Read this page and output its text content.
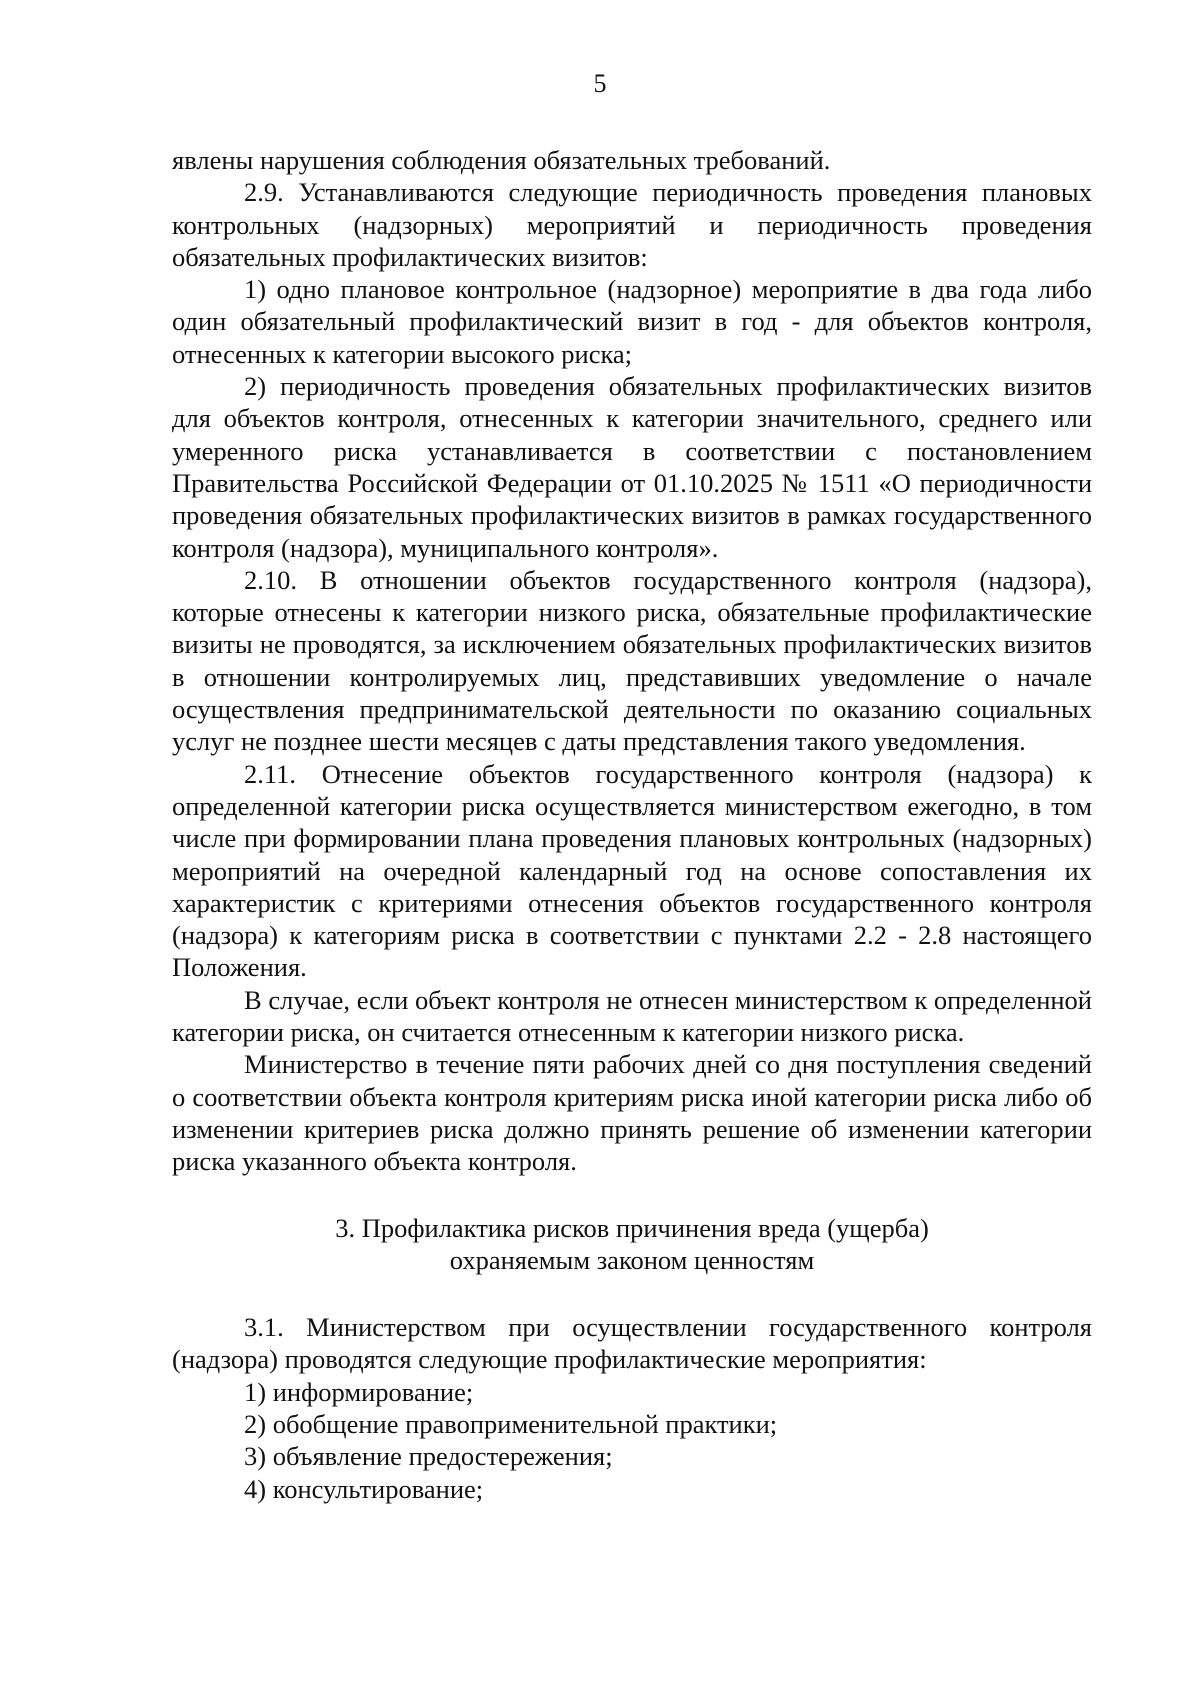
5

явлены нарушения соблюдения обязательных требований.

2.9. Устанавливаются следующие периодичность проведения плановых контрольных (надзорных) мероприятий и периодичность проведения обязательных профилактических визитов:

1) одно плановое контрольное (надзорное) мероприятие в два года либо один обязательный профилактический визит в год - для объектов контроля, отнесенных к категории высокого риска;

2) периодичность проведения обязательных профилактических визитов для объектов контроля, отнесенных к категории значительного, среднего или умеренного риска устанавливается в соответствии с постановлением Правительства Российской Федерации от 01.10.2025 № 1511 «О периодичности проведения обязательных профилактических визитов в рамках государственного контроля (надзора), муниципального контроля».

2.10. В отношении объектов государственного контроля (надзора), которые отнесены к категории низкого риска, обязательные профилактические визиты не проводятся, за исключением обязательных профилактических визитов в отношении контролируемых лиц, представивших уведомление о начале осуществления предпринимательской деятельности по оказанию социальных услуг не позднее шести месяцев с даты представления такого уведомления.

2.11. Отнесение объектов государственного контроля (надзора) к определенной категории риска осуществляется министерством ежегодно, в том числе при формировании плана проведения плановых контрольных (надзорных) мероприятий на очередной календарный год на основе сопоставления их характеристик с критериями отнесения объектов государственного контроля (надзора) к категориям риска в соответствии с пунктами 2.2 - 2.8 настоящего Положения.

В случае, если объект контроля не отнесен министерством к определенной категории риска, он считается отнесенным к категории низкого риска.

Министерство в течение пяти рабочих дней со дня поступления сведений о соответствии объекта контроля критериям риска иной категории риска либо об изменении критериев риска должно принять решение об изменении категории риска указанного объекта контроля.

3. Профилактика рисков причинения вреда (ущерба)
охраняемым законом ценностям

3.1. Министерством при осуществлении государственного контроля (надзора) проводятся следующие профилактические мероприятия:

1) информирование;

2) обобщение правоприменительной практики;

3) объявление предостережения;

4) консультирование;
